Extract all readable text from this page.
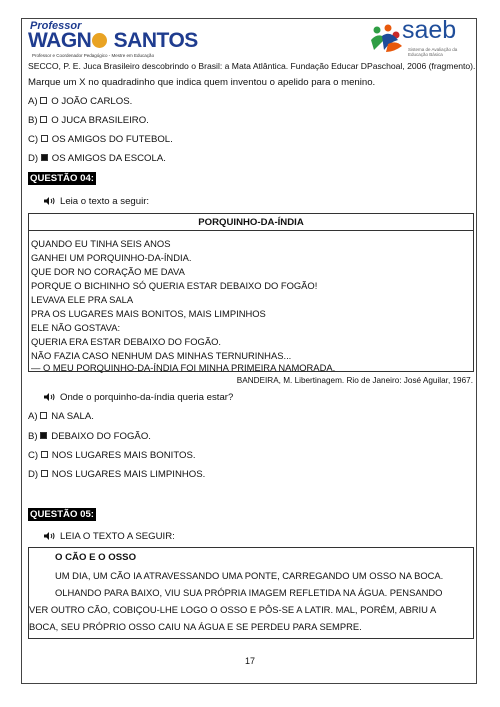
Professor
WAGN SANTOS
Professor e Coordenador Pedagógico - Mestre em Educação
saeb
Sistema de Avaliação da Educação Básica
SECCO, P. E. Juca Brasileiro descobrindo o Brasil: a Mata Atlântica. Fundação Educar DPaschoal, 2006 (fragmento).
Marque um X no quadradinho que indica quem inventou o apelido para o menino.
A) O JOÃO CARLOS.
B) O JUCA BRASILEIRO.
C) OS AMIGOS DO FUTEBOL.
D) OS AMIGOS DA ESCOLA.
QUESTÃO 04:
Leia o texto a seguir:
PORQUINHO-DA-ÍNDIA
QUANDO EU TINHA SEIS ANOS
GANHEI UM PORQUINHO-DA-ÍNDIA.
QUE DOR NO CORAÇÃO ME DAVA
PORQUE O BICHINHO SÓ QUERIA ESTAR DEBAIXO DO FOGÃO!
LEVAVA ELE PRA SALA
PRA OS LUGARES MAIS BONITOS, MAIS LIMPINHOS
ELE NÃO GOSTAVA:
QUERIA ERA ESTAR DEBAIXO DO FOGÃO.
NÃO FAZIA CASO NENHUM DAS MINHAS TERNURINHAS...
— O MEU PORQUINHO-DA-ÍNDIA FOI MINHA PRIMEIRA NAMORADA.
BANDEIRA, M. Libertinagem. Rio de Janeiro: José Aguilar, 1967.
Onde o porquinho-da-índia queria estar?
A) NA SALA.
B) DEBAIXO DO FOGÃO.
C) NOS LUGARES MAIS BONITOS.
D) NOS LUGARES MAIS LIMPINHOS.
QUESTÃO 05:
LEIA O TEXTO A SEGUIR:
O CÃO E O OSSO
UM DIA, UM CÃO IA ATRAVESSANDO UMA PONTE, CARREGANDO UM OSSO NA BOCA.
OLHANDO PARA BAIXO, VIU SUA PRÓPRIA IMAGEM REFLETIDA NA ÁGUA. PENSANDO
VER OUTRO CÃO, COBIÇOU-LHE LOGO O OSSO E PÔS-SE A LATIR. MAL, PORÉM, ABRIU A
BOCA, SEU PRÓPRIO OSSO CAIU NA ÁGUA E SE PERDEU PARA SEMPRE.
17
